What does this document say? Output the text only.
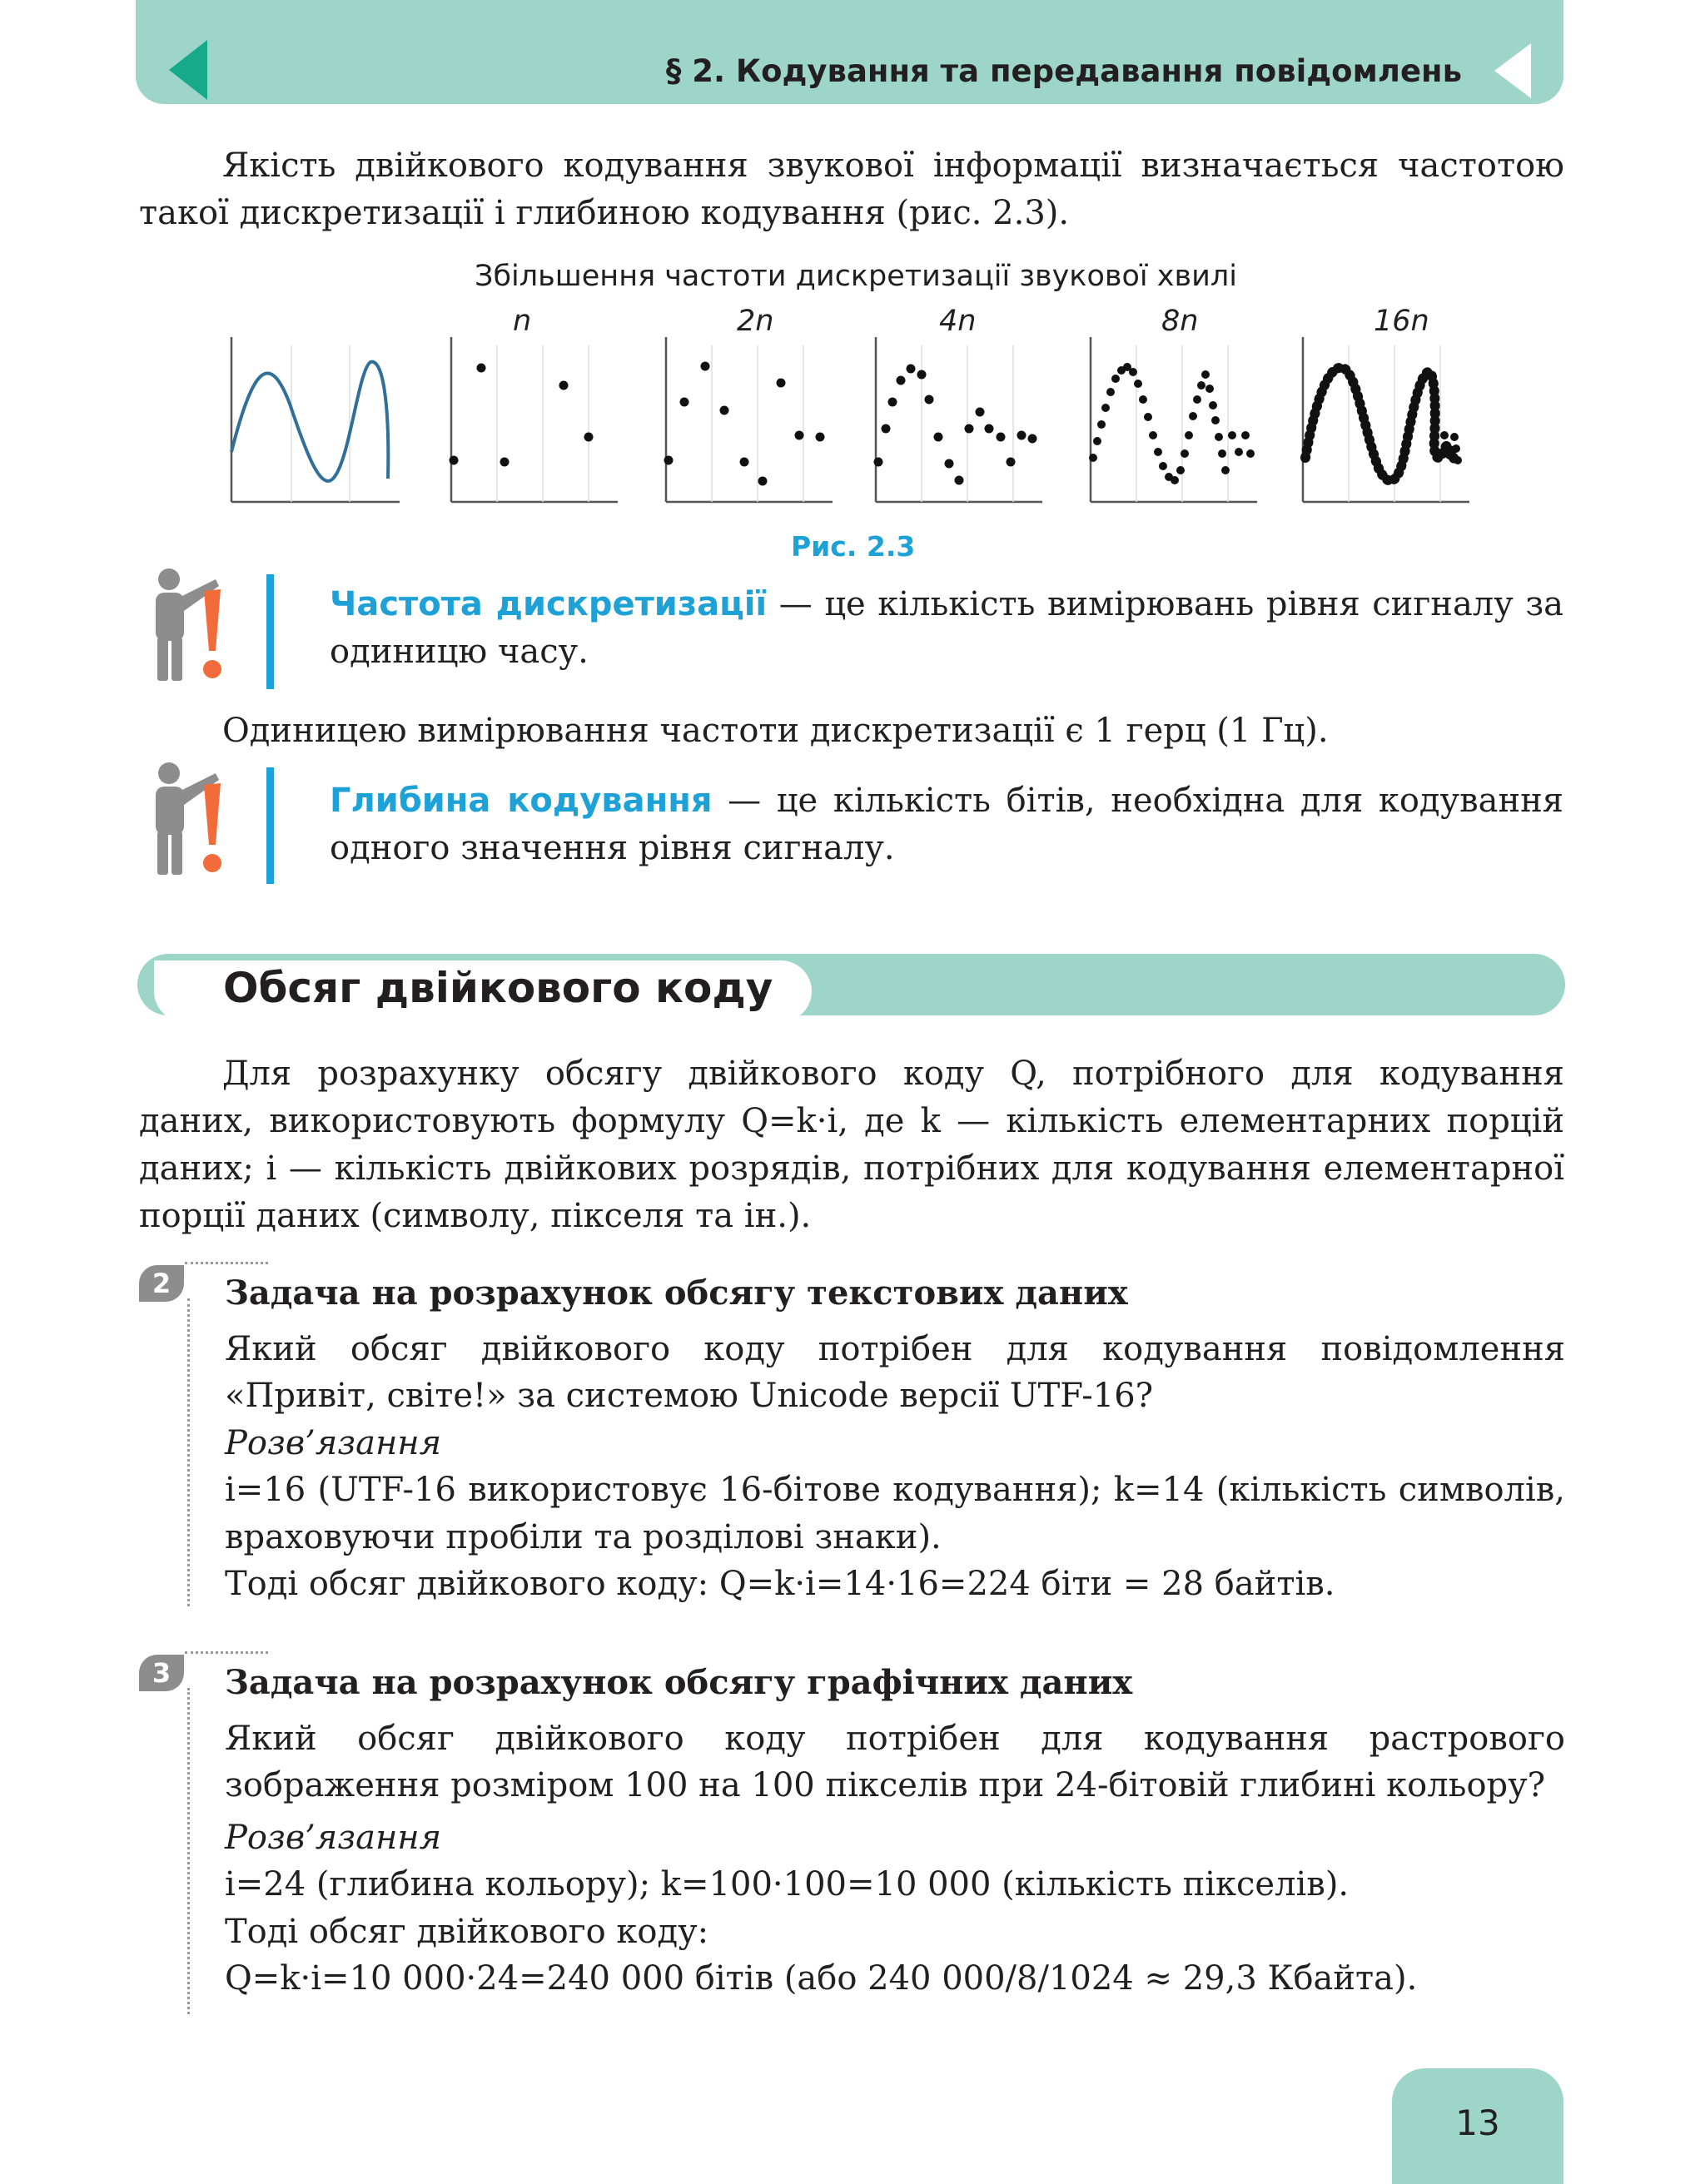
§ 2. Кодування та передавання повідомлень

Якість двійкового кодування звукової інформації визначається частотою такої дискретизації і глибиною кодування (рис. 2.3).

Збільшення частоти дискретизації звукової хвилі
n	2n	4n	8n	16n
Рис. 2.3

Частота дискретизації — це кількість вимірювань рівня сигналу за одиницю часу.

Одиницею вимірювання частоти дискретизації є 1 герц (1 Гц).

Глибина кодування — це кількість бітів, необхідна для кодування одного значення рівня сигналу.

Обсяг двійкового коду

Для розрахунку обсягу двійкового коду Q, потрібного для кодування даних, використовують формулу Q=k·i, де k — кількість елементарних порцій даних; i — кількість двійкових розрядів, потрібних для кодування елементарної порції даних (символу, пікселя та ін.).

2	Задача на розрахунок обсягу текстових даних

Який обсяг двійкового коду потрібен для кодування повідомлення «Привіт, світе!» за системою Unicode версії UTF-16?

Розв’язання

i=16 (UTF-16 використовує 16-бітове кодування); k=14 (кількість символів, враховуючи пробіли та розділові знаки).

Тоді обсяг двійкового коду: Q=k·i=14·16=224 біти = 28 байтів.

3	Задача на розрахунок обсягу графічних даних

Який обсяг двійкового коду потрібен для кодування растрового зображення розміром 100 на 100 пікселів при 24-бітовій глибині кольору?

Розв’язання

i=24 (глибина кольору); k=100·100=10 000 (кількість пікселів).

Тоді обсяг двійкового коду:

Q=k·i=10 000·24=240 000 бітів (або 240 000/8/1024 ≈ 29,3 Кбайта).

13
